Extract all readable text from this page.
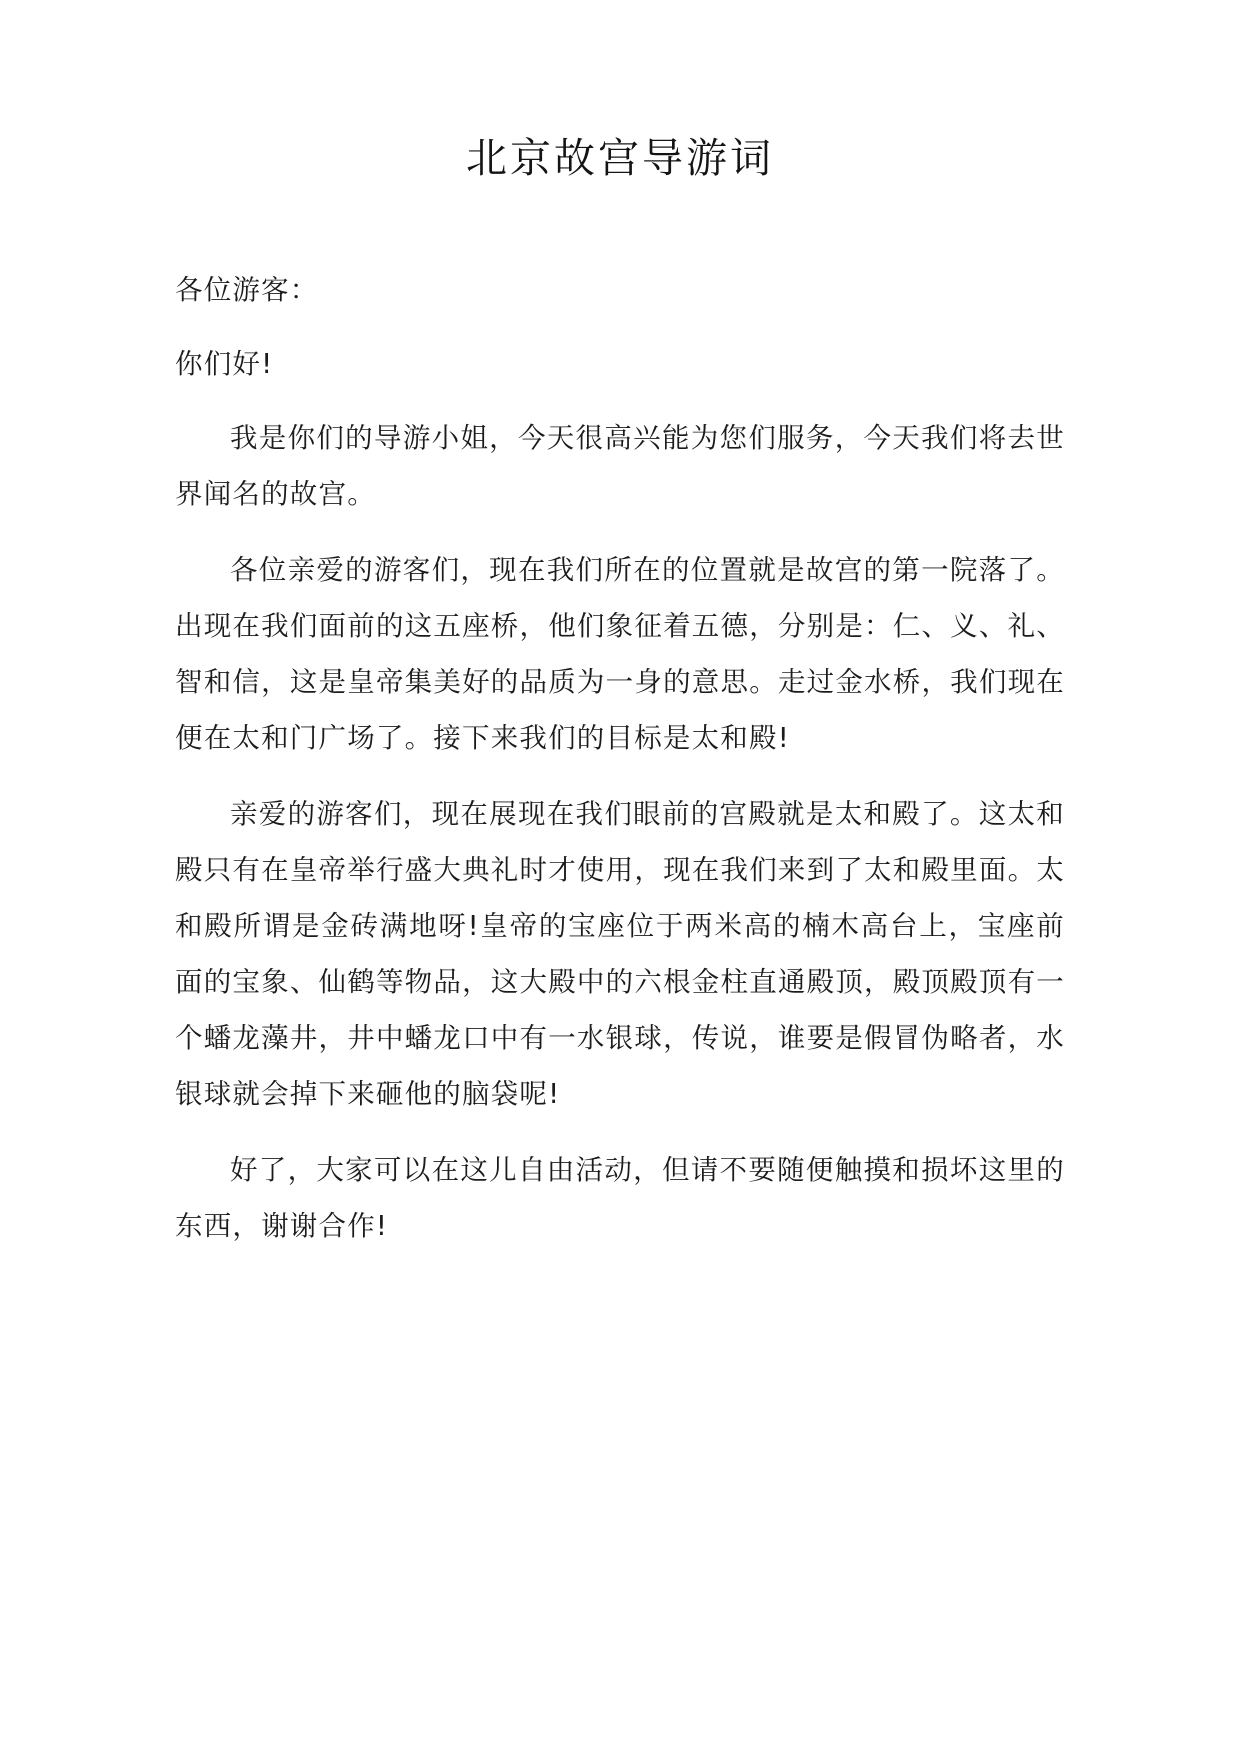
北京故宫导游词

各位游客：

你们好!

我是你们的导游小姐，今天很高兴能为您们服务，今天我们将去世界闻名的故宫。

各位亲爱的游客们，现在我们所在的位置就是故宫的第一院落了。出现在我们面前的这五座桥，他们象征着五德，分别是：仁、义、礼、智和信，这是皇帝集美好的品质为一身的意思。走过金水桥，我们现在便在太和门广场了。接下来我们的目标是太和殿!

亲爱的游客们，现在展现在我们眼前的宫殿就是太和殿了。这太和殿只有在皇帝举行盛大典礼时才使用，现在我们来到了太和殿里面。太和殿所谓是金砖满地呀!皇帝的宝座位于两米高的楠木高台上，宝座前面的宝象、仙鹤等物品，这大殿中的六根金柱直通殿顶，殿顶殿顶有一个蟠龙藻井，井中蟠龙口中有一水银球，传说，谁要是假冒伪略者，水银球就会掉下来砸他的脑袋呢!

好了，大家可以在这儿自由活动，但请不要随便触摸和损坏这里的东西，谢谢合作!
